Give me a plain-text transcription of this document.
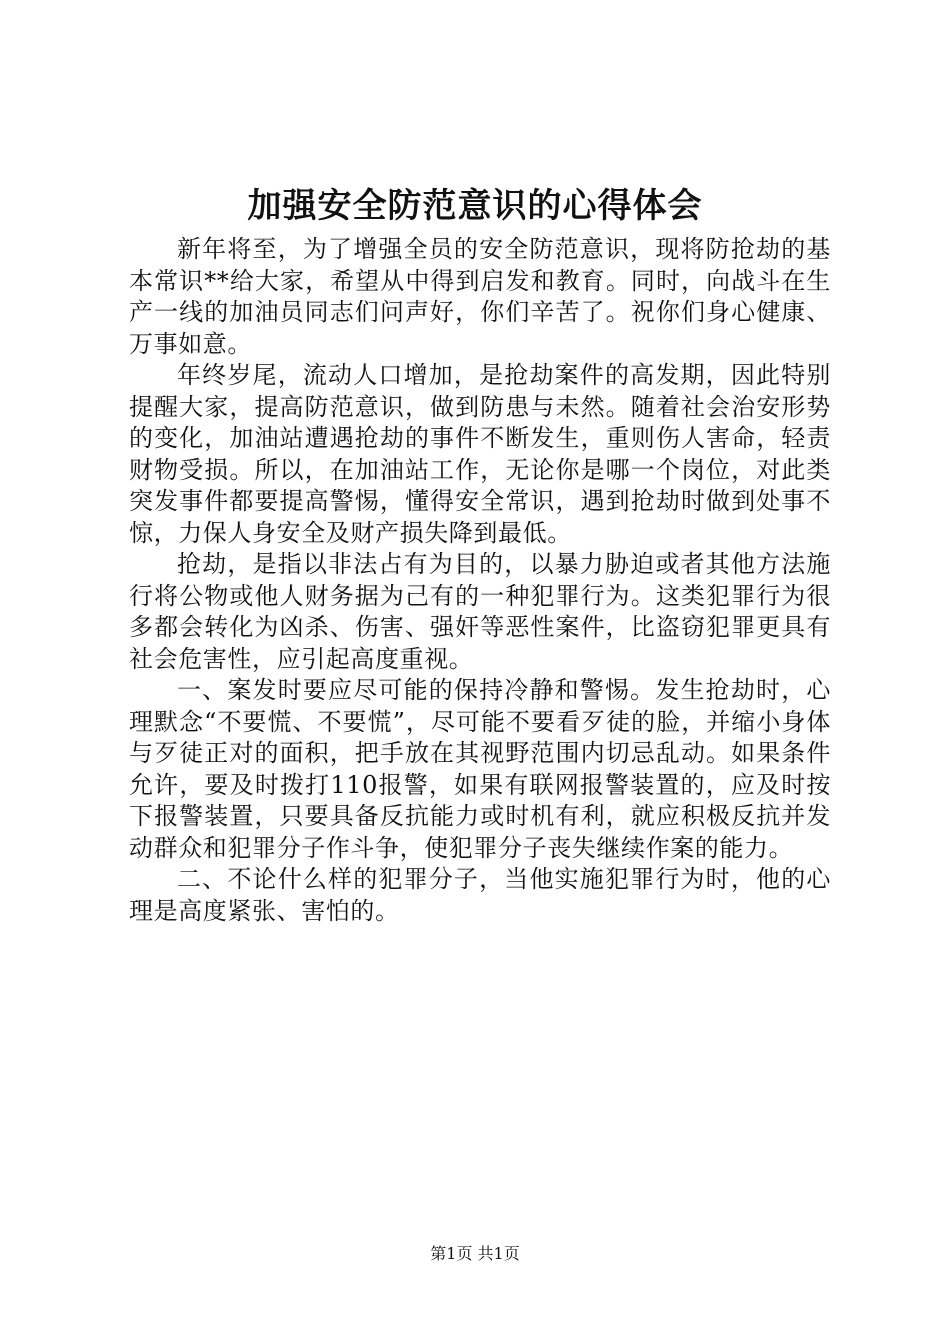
加强安全防范意识的心得体会

新年将至，为了增强全员的安全防范意识，现将防抢劫的基本常识**给大家，希望从中得到启发和教育。同时，向战斗在生产一线的加油员同志们问声好，你们辛苦了。祝你们身心健康、万事如意。

年终岁尾，流动人口增加，是抢劫案件的高发期，因此特别提醒大家，提高防范意识，做到防患与未然。随着社会治安形势的变化，加油站遭遇抢劫的事件不断发生，重则伤人害命，轻责财物受损。所以，在加油站工作，无论你是哪一个岗位，对此类突发事件都要提高警惕，懂得安全常识，遇到抢劫时做到处事不惊，力保人身安全及财产损失降到最低。

抢劫，是指以非法占有为目的，以暴力胁迫或者其他方法施行将公物或他人财务据为己有的一种犯罪行为。这类犯罪行为很多都会转化为凶杀、伤害、强奸等恶性案件，比盗窃犯罪更具有社会危害性，应引起高度重视。

一、案发时要应尽可能的保持冷静和警惕。发生抢劫时，心理默念“不要慌、不要慌”，尽可能不要看歹徒的脸，并缩小身体与歹徒正对的面积，把手放在其视野范围内切忌乱动。如果条件允许，要及时拨打110报警，如果有联网报警装置的，应及时按下报警装置，只要具备反抗能力或时机有利，就应积极反抗并发动群众和犯罪分子作斗争，使犯罪分子丧失继续作案的能力。

二、不论什么样的犯罪分子，当他实施犯罪行为时，他的心理是高度紧张、害怕的。

第1页 共1页
